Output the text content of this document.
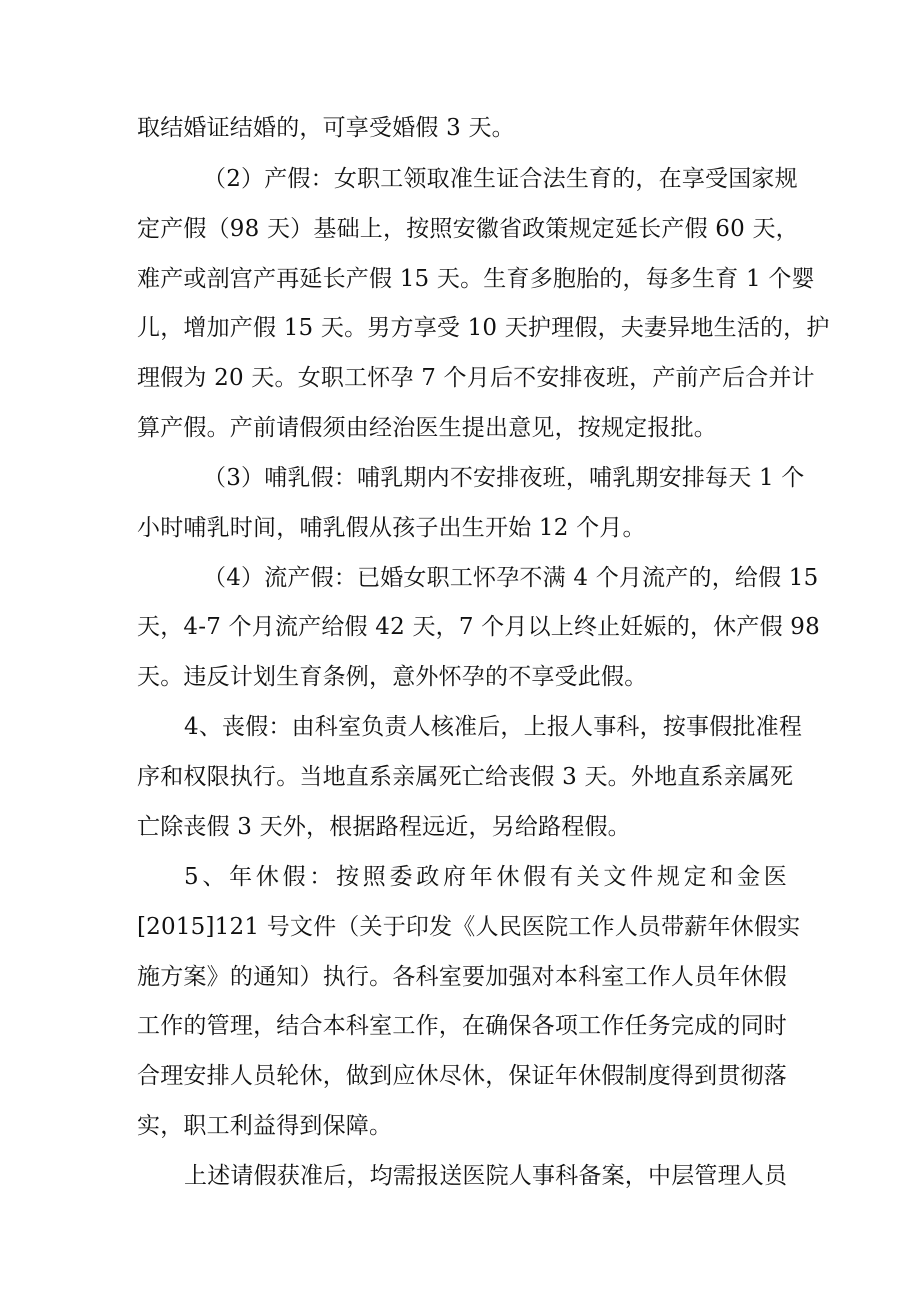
取结婚证结婚的，可享受婚假 3 天。
（2）产假：女职工领取准生证合法生育的，在享受国家规
定产假（98 天）基础上，按照安徽省政策规定延长产假 60 天，
难产或剖宫产再延长产假 15 天。生育多胞胎的，每多生育 1 个婴
儿，增加产假 15 天。男方享受 10 天护理假，夫妻异地生活的，护
理假为 20 天。女职工怀孕 7 个月后不安排夜班，产前产后合并计
算产假。产前请假须由经治医生提出意见，按规定报批。
（3）哺乳假：哺乳期内不安排夜班，哺乳期安排每天 1 个
小时哺乳时间，哺乳假从孩子出生开始 12 个月。
（4）流产假：已婚女职工怀孕不满 4 个月流产的，给假 15
天，4-7 个月流产给假 42 天，7 个月以上终止妊娠的，休产假 98
天。违反计划生育条例，意外怀孕的不享受此假。
4、丧假：由科室负责人核准后，上报人事科，按事假批准程
序和权限执行。当地直系亲属死亡给丧假 3 天。外地直系亲属死
亡除丧假 3 天外，根据路程远近，另给路程假。
5、年休假：按照委政府年休假有关文件规定和金医
[2015]121 号文件（关于印发《人民医院工作人员带薪年休假实
施方案》的通知）执行。各科室要加强对本科室工作人员年休假
工作的管理，结合本科室工作，在确保各项工作任务完成的同时
合理安排人员轮休，做到应休尽休，保证年休假制度得到贯彻落
实，职工利益得到保障。
上述请假获准后，均需报送医院人事科备案，中层管理人员
